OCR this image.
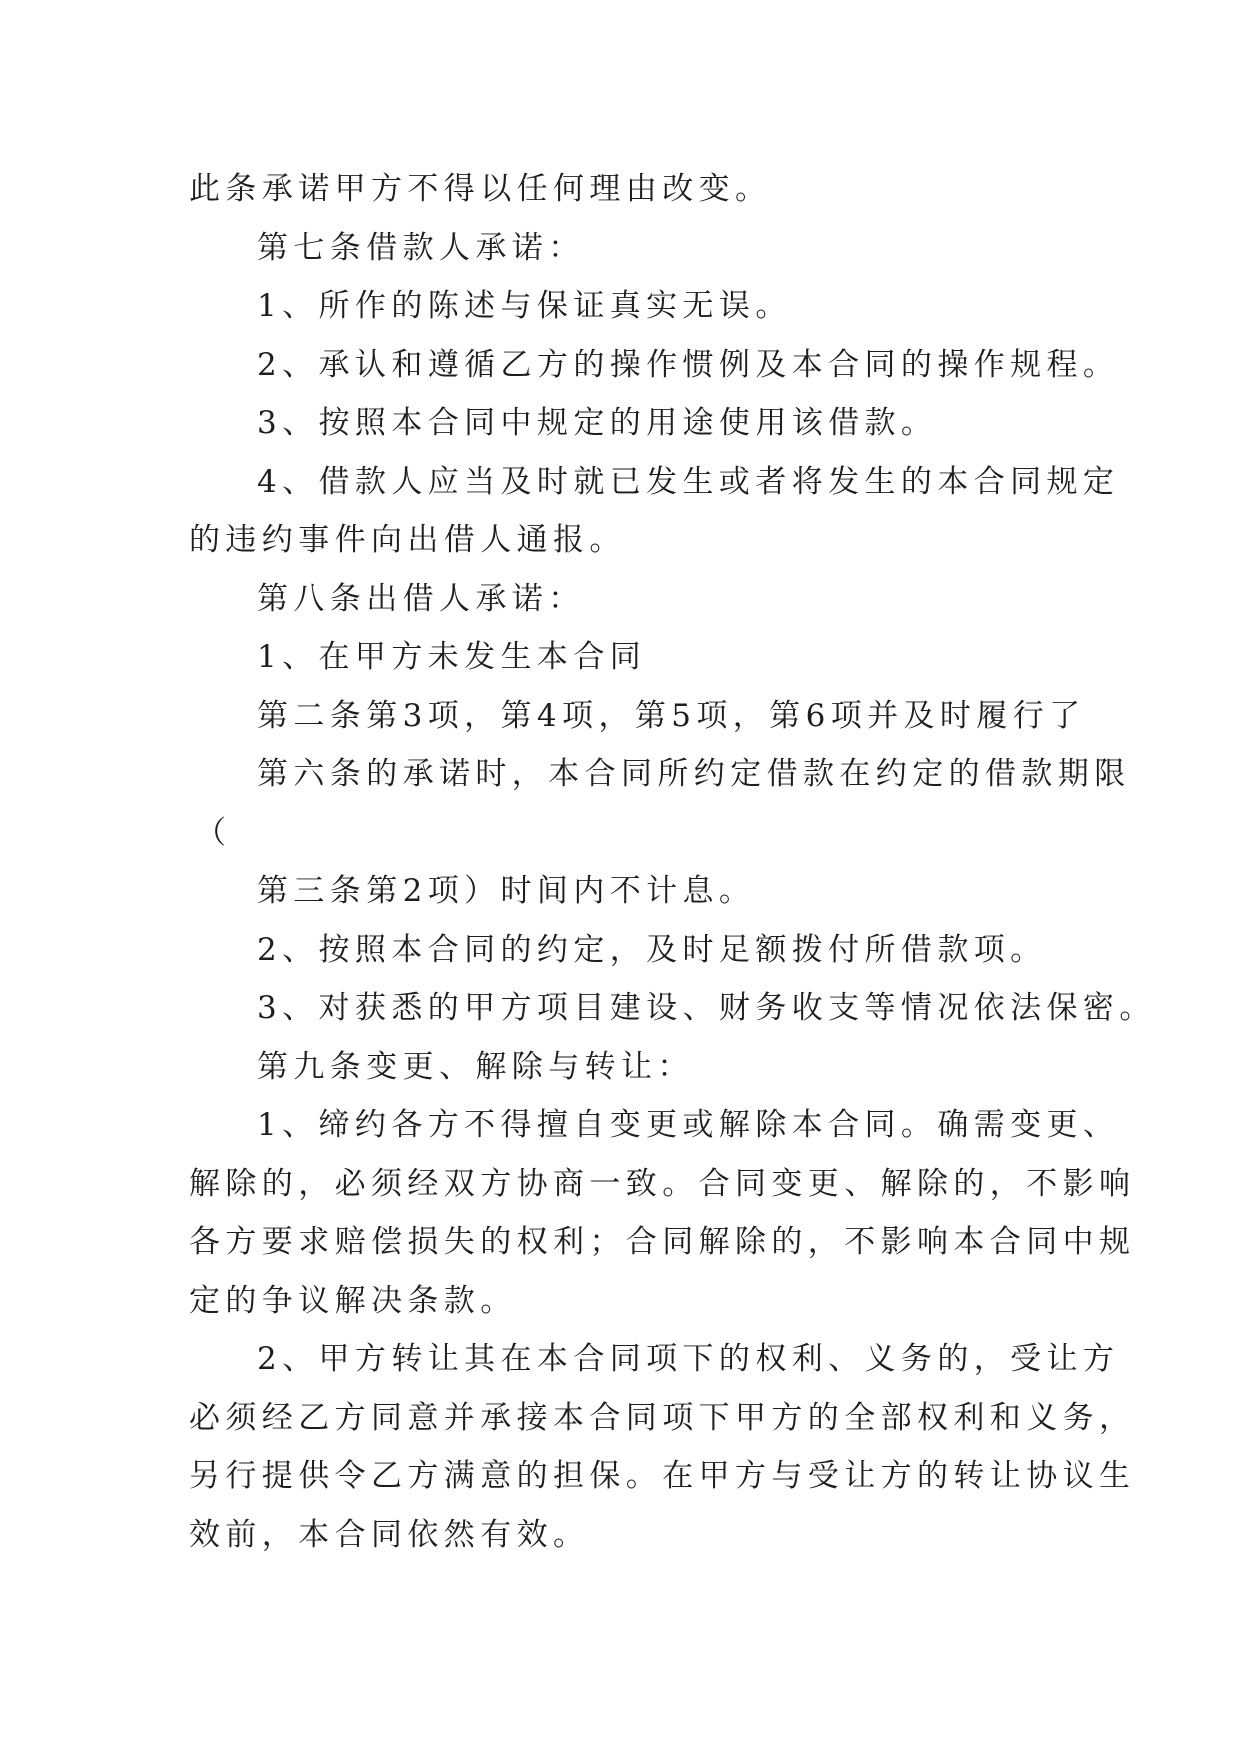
此条承诺甲方不得以任何理由改变。
第七条借款人承诺：
1、所作的陈述与保证真实无误。
2、承认和遵循乙方的操作惯例及本合同的操作规程。
3、按照本合同中规定的用途使用该借款。
4、借款人应当及时就已发生或者将发生的本合同规定
的违约事件向出借人通报。
第八条出借人承诺：
1、在甲方未发生本合同
第二条第3项，第4项，第5项，第6项并及时履行了
第六条的承诺时，本合同所约定借款在约定的借款期限
（
第三条第2项）时间内不计息。
2、按照本合同的约定，及时足额拨付所借款项。
3、对获悉的甲方项目建设、财务收支等情况依法保密。
第九条变更、解除与转让：
1、缔约各方不得擅自变更或解除本合同。确需变更、
解除的，必须经双方协商一致。合同变更、解除的，不影响
各方要求赔偿损失的权利；合同解除的，不影响本合同中规
定的争议解决条款。
2、甲方转让其在本合同项下的权利、义务的，受让方
必须经乙方同意并承接本合同项下甲方的全部权利和义务，
另行提供令乙方满意的担保。在甲方与受让方的转让协议生
效前，本合同依然有效。
